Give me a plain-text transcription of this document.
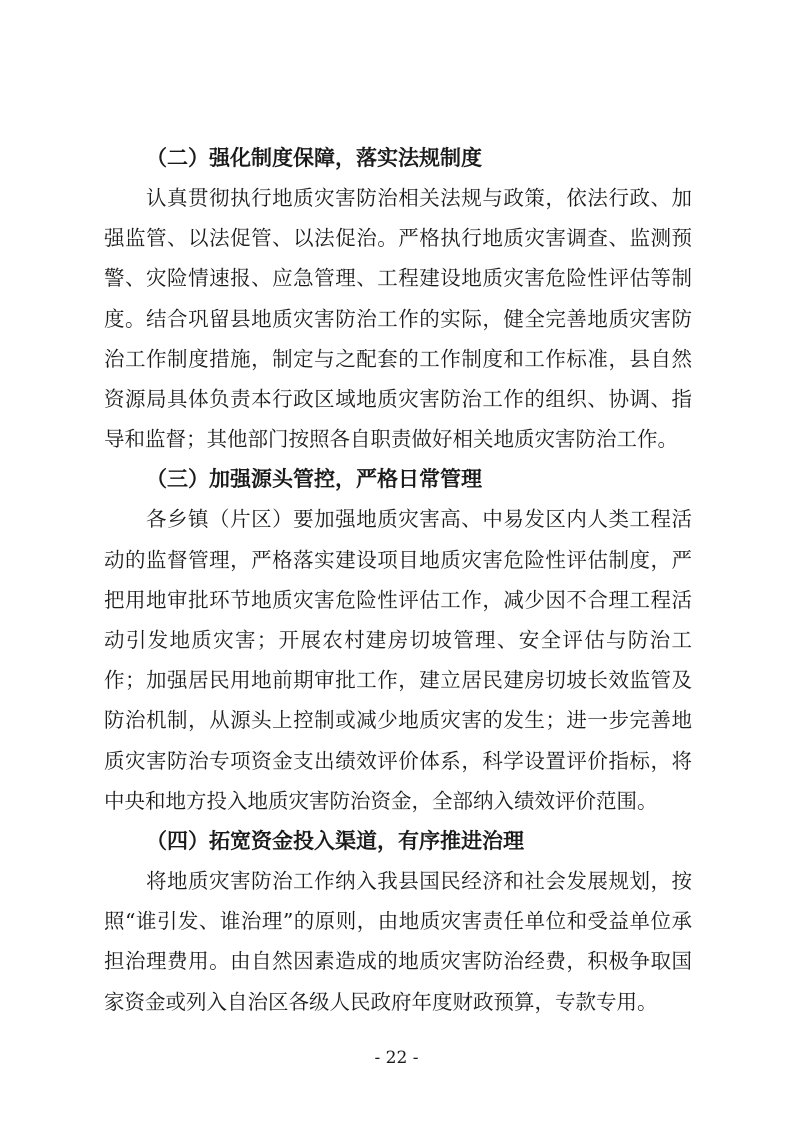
（二）强化制度保障，落实法规制度

认真贯彻执行地质灾害防治相关法规与政策，依法行政、加强监管、以法促管、以法促治。严格执行地质灾害调查、监测预警、灾险情速报、应急管理、工程建设地质灾害危险性评估等制度。结合巩留县地质灾害防治工作的实际，健全完善地质灾害防治工作制度措施，制定与之配套的工作制度和工作标准，县自然资源局具体负责本行政区域地质灾害防治工作的组织、协调、指导和监督；其他部门按照各自职责做好相关地质灾害防治工作。

（三）加强源头管控，严格日常管理

各乡镇（片区）要加强地质灾害高、中易发区内人类工程活动的监督管理，严格落实建设项目地质灾害危险性评估制度，严把用地审批环节地质灾害危险性评估工作，减少因不合理工程活动引发地质灾害；开展农村建房切坡管理、安全评估与防治工作；加强居民用地前期审批工作，建立居民建房切坡长效监管及防治机制，从源头上控制或减少地质灾害的发生；进一步完善地质灾害防治专项资金支出绩效评价体系，科学设置评价指标，将中央和地方投入地质灾害防治资金，全部纳入绩效评价范围。

（四）拓宽资金投入渠道，有序推进治理

将地质灾害防治工作纳入我县国民经济和社会发展规划，按照“谁引发、谁治理”的原则，由地质灾害责任单位和受益单位承担治理费用。由自然因素造成的地质灾害防治经费，积极争取国家资金或列入自治区各级人民政府年度财政预算，专款专用。

- 22 -
